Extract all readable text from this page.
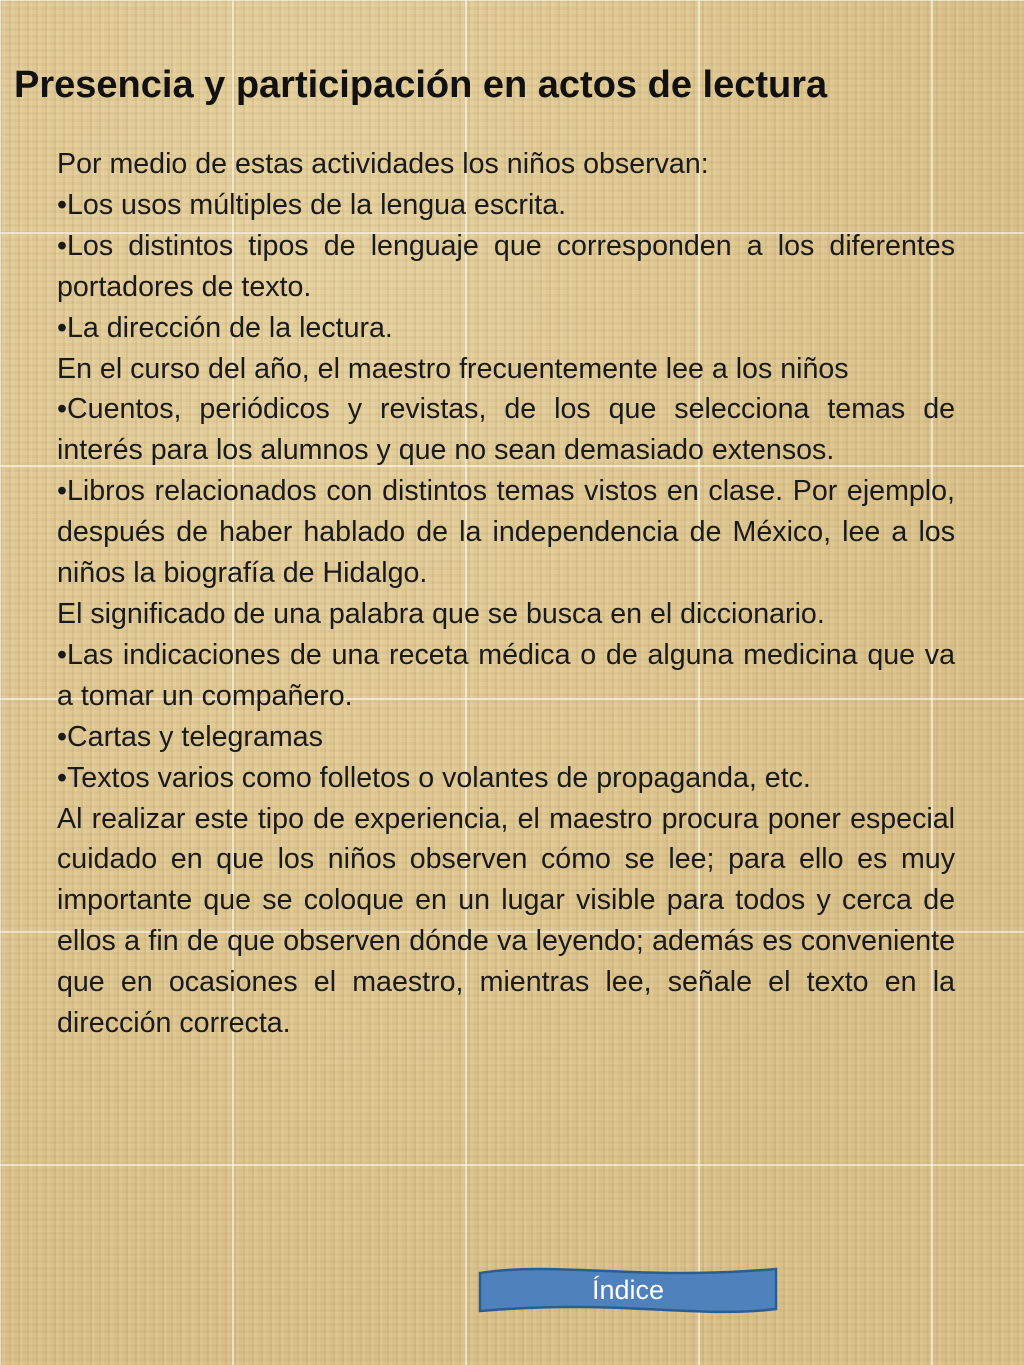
Presencia y participación en actos de lectura

Por medio de estas actividades los niños observan:

•Los usos múltiples de la lengua escrita.

•Los distintos tipos de lenguaje que corresponden a los diferentes portadores de texto.

•La dirección de la lectura.

En el curso del año, el maestro frecuentemente lee a los niños

•Cuentos, periódicos y revistas, de los que selecciona temas de interés para los alumnos y que no sean demasiado extensos.

•Libros relacionados con distintos temas vistos en clase. Por ejemplo, después de haber hablado de la independencia de México, lee a los niños la biografía de Hidalgo.

El significado de una palabra que se busca en el diccionario.

•Las indicaciones de una receta médica o de alguna medicina que va a tomar un compañero.

•Cartas y telegramas

•Textos varios como folletos o volantes de propaganda, etc.

Al realizar este tipo de experiencia, el maestro procura poner especial cuidado en que los niños observen cómo se lee; para ello es muy importante que se coloque en un lugar visible para todos y cerca de ellos a fin de que observen dónde va leyendo; además es conveniente que en ocasiones el maestro, mientras lee, señale el texto en la dirección correcta.

Índice
